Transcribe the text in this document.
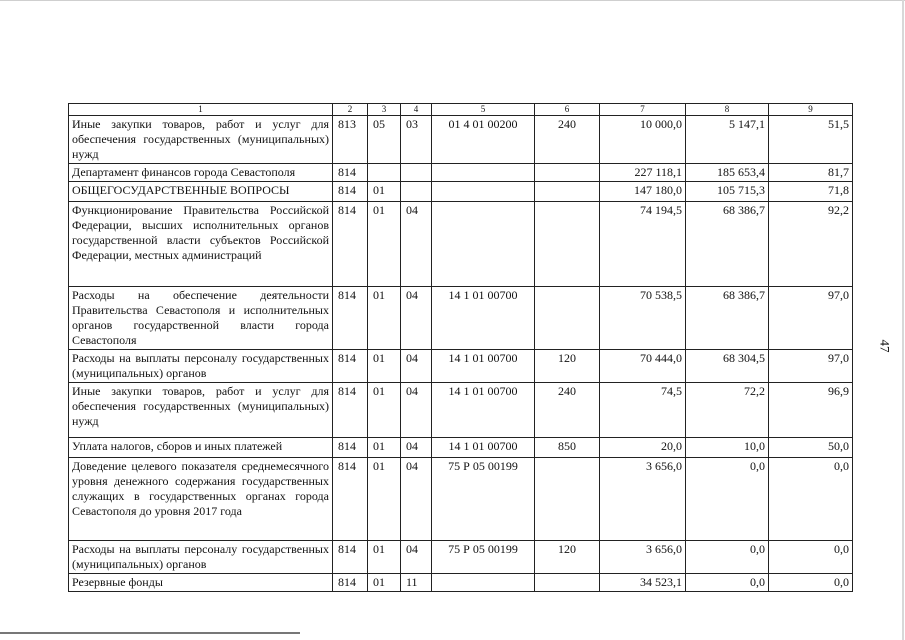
1	2	3	4	5	6	7	8	9
Иные закупки товаров, работ и услуг для обеспечения государственных (муниципальных) нужд	813	05	03	01 4 01 00200	240	10 000,0	5 147,1	51,5
Департамент финансов города Севастополя	814					227 118,1	185 653,4	81,7
ОБЩЕГОСУДАРСТВЕННЫЕ ВОПРОСЫ	814	01				147 180,0	105 715,3	71,8
Функционирование Правительства Российской Федерации, высших исполнительных органов государственной власти субъектов Российской Федерации, местных администраций	814	01	04			74 194,5	68 386,7	92,2
Расходы на обеспечение деятельности Правительства Севастополя и исполнительных органов государственной власти города Севастополя	814	01	04	14 1 01 00700		70 538,5	68 386,7	97,0
Расходы на выплаты персоналу государственных (муниципальных) органов	814	01	04	14 1 01 00700	120	70 444,0	68 304,5	97,0
Иные закупки товаров, работ и услуг для обеспечения государственных (муниципальных) нужд	814	01	04	14 1 01 00700	240	74,5	72,2	96,9
Уплата налогов, сборов и иных платежей	814	01	04	14 1 01 00700	850	20,0	10,0	50,0
Доведение целевого показателя среднемесячного уровня денежного содержания государственных служащих в государственных органах города Севастополя до уровня 2017 года	814	01	04	75 Р 05 00199		3 656,0	0,0	0,0
Расходы на выплаты персоналу государственных (муниципальных) органов	814	01	04	75 Р 05 00199	120	3 656,0	0,0	0,0
Резервные фонды	814	01	11			34 523,1	0,0	0,0
47
